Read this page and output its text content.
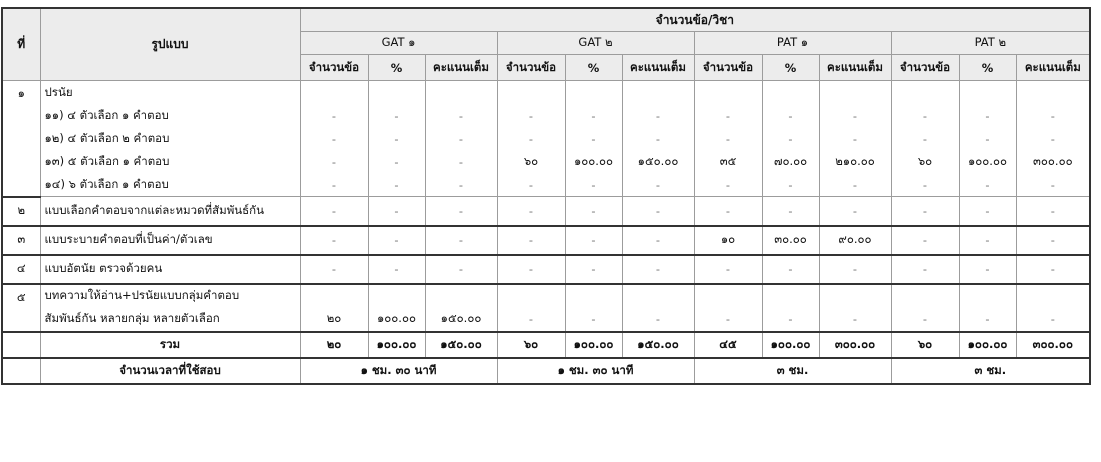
ที่	รูปแบบ	จำนวนข้อ/วิชา											
		GAT ๑			GAT ๒			PAT ๑			PAT ๒		
		จำนวนข้อ	%	คะแนนเต็ม	จำนวนข้อ	%	คะแนนเต็ม	จำนวนข้อ	%	คะแนนเต็ม	จำนวนข้อ	%	คะแนนเต็ม
๑	ปรนัย												
	๑๑) ๔ ตัวเลือก ๑ คำตอบ	-	-	-	-	-	-	-	-	-	-	-	-
	๑๒) ๔ ตัวเลือก ๒ คำตอบ	-	-	-	-	-	-	-	-	-	-	-	-
	๑๓) ๕ ตัวเลือก ๑ คำตอบ	-	-	-	๖๐	๑๐๐.๐๐	๑๕๐.๐๐	๓๕	๗๐.๐๐	๒๑๐.๐๐	๖๐	๑๐๐.๐๐	๓๐๐.๐๐
	๑๔) ๖ ตัวเลือก ๑ คำตอบ	-	-	-	-	-	-	-	-	-	-	-	-
๒	แบบเลือกคำตอบจากแต่ละหมวดที่สัมพันธ์กัน	-	-	-	-	-	-	-	-	-	-	-	-
๓	แบบระบายคำตอบที่เป็นค่า/ตัวเลข	-	-	-	-	-	-	๑๐	๓๐.๐๐	๙๐.๐๐	-	-	-
๔	แบบอัตนัย ตรวจด้วยคน	-	-	-	-	-	-	-	-	-	-	-	-
๕	บทความให้อ่าน+ปรนัยแบบกลุ่มคำตอบ												
	สัมพันธ์กัน หลายกลุ่ม หลายตัวเลือก	๒๐	๑๐๐.๐๐	๑๕๐.๐๐	-	-	-	-	-	-	-	-	-
	รวม	๒๐	๑๐๐.๐๐	๑๕๐.๐๐	๖๐	๑๐๐.๐๐	๑๕๐.๐๐	๔๕	๑๐๐.๐๐	๓๐๐.๐๐	๖๐	๑๐๐.๐๐	๓๐๐.๐๐
	จำนวนเวลาที่ใช้สอบ	๑ ชม. ๓๐ นาที			๑ ชม. ๓๐ นาที			๓ ชม.			๓ ชม.		
